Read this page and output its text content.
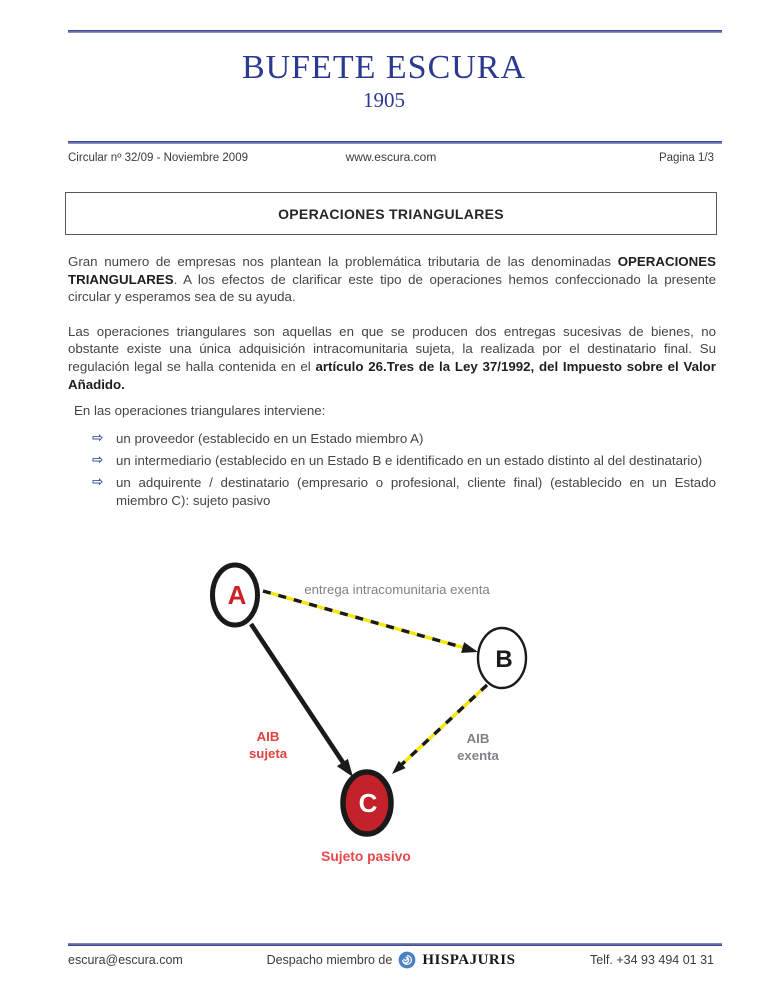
BUFETE ESCURA
1905
Circular nº 32/09 - Noviembre 2009	www.escura.com	Pagina 1/3
OPERACIONES TRIANGULARES

Gran numero de empresas nos plantean la problemática tributaria de las denominadas OPERACIONES TRIANGULARES. A los efectos de clarificar este tipo de operaciones hemos confeccionado la presente circular y esperamos sea de su ayuda.

Las operaciones triangulares son aquellas en que se producen dos entregas sucesivas de bienes, no obstante existe una única adquisición intracomunitaria sujeta, la realizada por el destinatario final. Su regulación legal se halla contenida en el artículo 26.Tres de la Ley 37/1992, del Impuesto sobre el Valor Añadido.

En las operaciones triangulares interviene:
⇨ un proveedor (establecido en un Estado miembro A)
⇨ un intermediario (establecido en un Estado B e identificado en un estado distinto al del destinatario)
⇨ un adquirente / destinatario (empresario o profesional, cliente final) (establecido en un Estado miembro C): sujeto pasivo
A
B
C
entrega intracomunitaria exenta
AIB
sujeta
AIB
exenta
Sujeto pasivo
escura@escura.com	Despacho miembro de HISPAJURIS	Telf. +34 93 494 01 31
